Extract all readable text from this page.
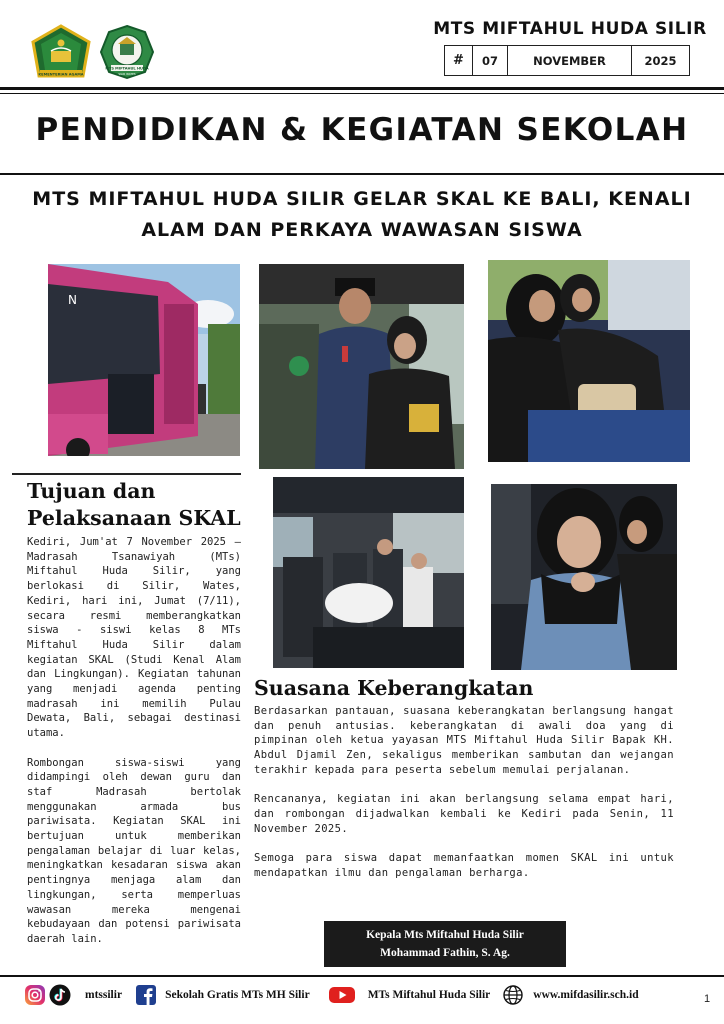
KEMENTERIAN AGAMA
MTS MIFTAHUL HUDA
SILIR WATES
MTS MIFTAHUL HUDA SILIR
#	07	NOVEMBER	2025
PENDIDIKAN & KEGIATAN SEKOLAH
MTS MIFTAHUL HUDA SILIR GELAR SKAL KE BALI, KENALI
ALAM DAN PERKAYA WAWASAN SISWA
N
Tujuan dan
Pelaksanaan SKAL

Kediri, Jum'at 7 November 2025 – Madrasah Tsanawiyah (MTs) Miftahul Huda Silir, yang berlokasi di Silir, Wates, Kediri, hari ini, Jumat (7/11), secara resmi memberangkatkan siswa - siswi kelas 8 MTs Miftahul Huda Silir dalam kegiatan SKAL (Studi Kenal Alam dan Lingkungan). Kegiatan tahunan yang menjadi agenda penting madrasah ini memilih Pulau Dewata, Bali, sebagai destinasi utama.

Rombongan siswa-siswi yang didampingi oleh dewan guru dan staf Madrasah bertolak menggunakan armada bus pariwisata. Kegiatan SKAL ini bertujuan untuk memberikan pengalaman belajar di luar kelas, meningkatkan kesadaran siswa akan pentingnya menjaga alam dan lingkungan, serta memperluas wawasan mereka mengenai kebudayaan dan potensi pariwisata daerah lain.

Suasana Keberangkatan

Berdasarkan pantauan, suasana keberangkatan berlangsung hangat dan penuh antusias. keberangkatan di awali doa yang di pimpinan oleh ketua yayasan MTS Miftahul Huda Silir Bapak KH. Abdul Djamil Zen, sekaligus memberikan sambutan dan wejangan terakhir kepada para peserta sebelum memulai perjalanan.

Rencananya, kegiatan ini akan berlangsung selama empat hari, dan rombongan dijadwalkan kembali ke Kediri pada Senin, 11 November 2025.

Semoga para siswa dapat memanfaatkan momen SKAL ini untuk mendapatkan ilmu dan pengalaman berharga.

Kepala Mts Miftahul Huda Silir
Mohammad Fathin, S. Ag.
mtssilir	Sekolah Gratis MTs MH Silir	MTs Miftahul Huda Silir	www.mifdasilir.sch.id	1
